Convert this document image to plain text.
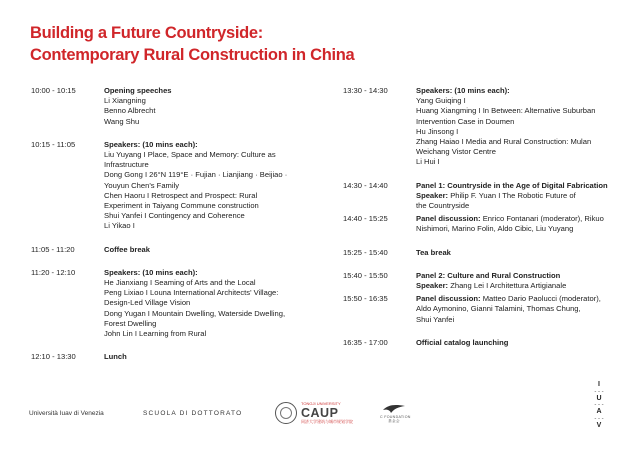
Building a Future Countryside:
Contemporary Rural Construction in China
10:00 - 10:15	Opening speeches
Li Xiangning
Benno Albrecht
Wang Shu
10:15 - 11:05	Speakers: (10 mins each):
Liu Yuyang I Place, Space and Memory: Culture as
Infrastructure
Dong Gong I 26°N 119°E · Fujian · Lianjiang · Beijiao ·
Youyun Chen's Family
Chen Haoru I Retrospect and Prospect: Rural
Experiment in Taiyang Commune construction
Shui Yanfei I Contingency and Coherence
Li Yikao I
11:05 - 11:20	Coffee break
11:20 - 12:10	Speakers: (10 mins each):
He Jianxiang I Seaming of Arts and the Local
Peng Lixiao I Louna International Architects' Village:
Design-Led Village Vision
Dong Yugan I Mountain Dwelling, Waterside Dwelling,
Forest Dwelling
John Lin I Learning from Rural
12:10 - 13:30	Lunch
13:30 - 14:30	Speakers: (10 mins each):
Yang Guiqing I
Huang Xiangming I In Between: Alternative Suburban
Intervention Case in Doumen
Hu Jinsong I
Zhang Haiao I Media and Rural Construction: Mulan
Weichang Vistor Centre
Li Hui I
14:30 - 14:40	Panel 1: Countryside in the Age of Digital Fabrication
Speaker: Philip F. Yuan I The Robotic Future of
the Countryside
14:40 - 15:25	Panel discussion: Enrico Fontanari (moderator), Rikuo
Nishimori, Marino Folin, Aldo Cibic, Liu Yuyang
15:25 - 15:40	Tea break
15:40 - 15:50	Panel 2: Culture and Rural Construction
Speaker: Zhang Lei I Architettura Artigianale
15:50 - 16:35	Panel discussion: Matteo Dario Paolucci (moderator),
Aldo Aymonino, Gianni Talamini, Thomas Chung,
Shui Yanfei
16:35 - 17:00	Official catalog launching
Università Iuav di Venezia	SCUOLA DI DOTTORATO
TONGJI UNIVERSITY
CAUP
同济大学建筑与城市规划学院
C FOUNDATION
基金会
I
- - -
U
- - -
A
- - -
V
